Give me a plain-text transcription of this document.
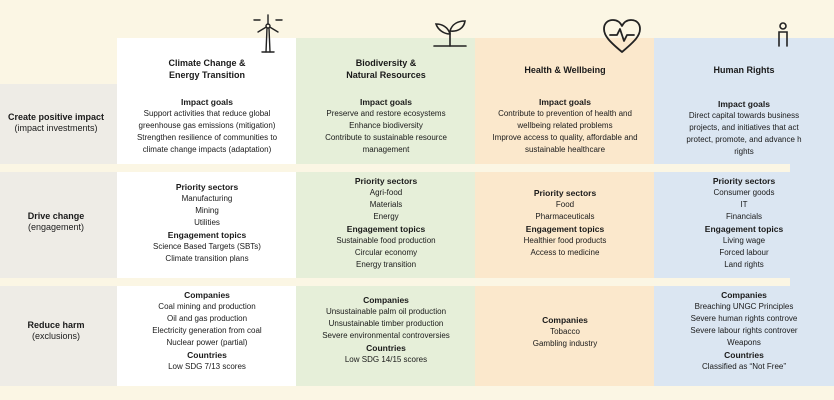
Create positive impact
(impact investments)
Drive change
(engagement)
Reduce harm
(exclusions)
Climate Change &
Energy Transition
Biodiversity &
Natural Resources	Health & Wellbeing	Human Rights
Impact goals
Support activities that reduce global
greenhouse gas emissions (mitigation)
Strengthen resilience of communities to
climate change impacts (adaptation)
Priority sectors
Manufacturing
Mining
Utilities
Engagement topics
Science Based Targets (SBTs)
Climate transition plans
Companies
Coal mining and production
Oil and gas production
Electricity generation from coal
Nuclear power (partial)
Countries
Low SDG 7/13 scores
Impact goals
Preserve and restore ecosystems
Enhance biodiversity
Contribute to sustainable resource
management
Priority sectors
Agri-food
Materials
Energy
Engagement topics
Sustainable food production
Circular economy
Energy transition
Companies
Unsustainable palm oil production
Unsustainable timber production
Severe environmental controversies
Countries
Low SDG 14/15 scores
Impact goals
Contribute to prevention of health and
wellbeing related problems
Improve access to quality, affordable and
sustainable healthcare
Priority sectors
Food
Pharmaceuticals
Engagement topics
Healthier food products
Access to medicine
Companies
Tobacco
Gambling industry
Impact goals
Direct capital towards business
projects, and initiatives that act
protect, promote, and advance h
rights
Priority sectors
Consumer goods
IT
Financials
Engagement topics
Living wage
Forced labour
Land rights
Companies
Breaching UNGC Principles
Severe human rights controve
Severe labour rights controver
Weapons
Countries
Classified as “Not Free”
